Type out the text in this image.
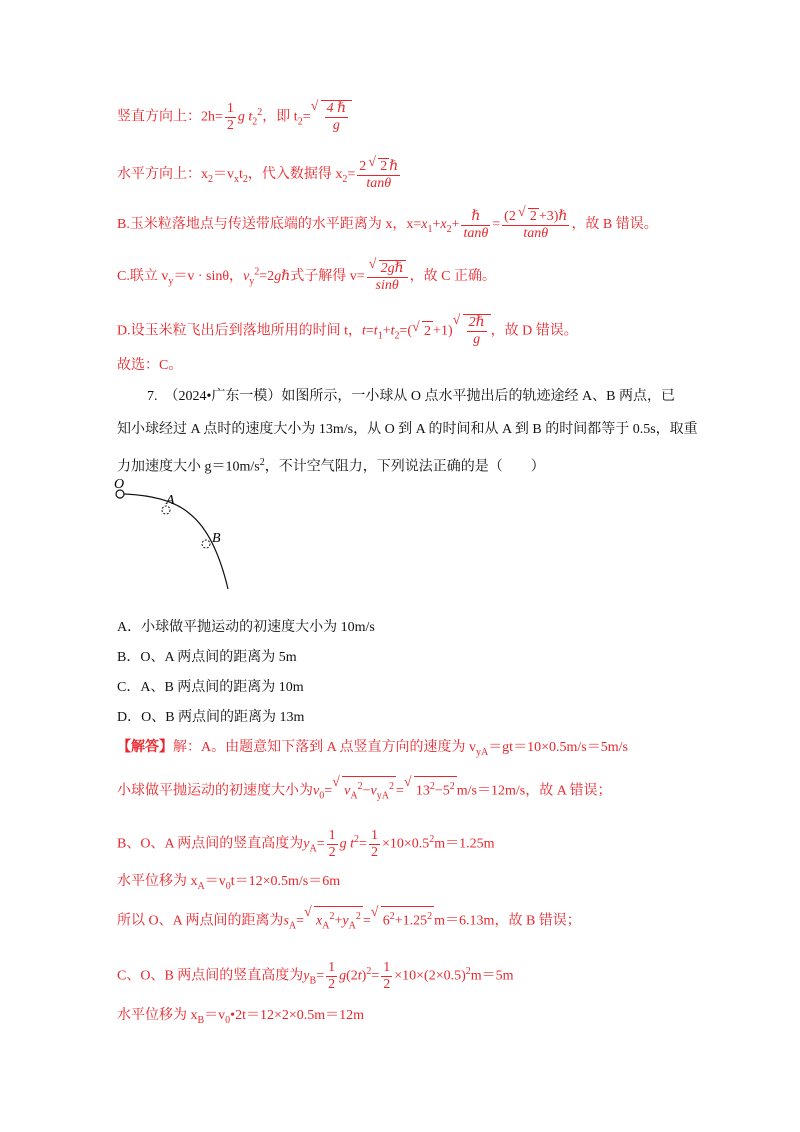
竖直方向上：$2h= \frac{1}{2}$ g $t_2^2$，即 $t_2=$
√ $\frac{\text{4 ℏ}}{g}$
水平方向上：$x_2=v_xt_2$，代入数据得 $x_2= \frac{\text{2√ 2 ℏ}}{\tan\theta}$
B.玉米粒落地点与传送带底端的水平距离为 x，$x=x_1+x_2+ \frac{\text{ℏ}}{\tan\theta} = \frac{\text{(2√ 2 +3)ℏ}}{\tan\theta}$ ，故 B 错误。
C.联立 $v_y=v \cdot \sin\theta$，$v_y^2=2g\hbar$式子解得 v=
√ $\frac{\text{2gℏ}}{\sin\theta}$ ，故 C 正确。
D.设玉米粒飞出后到落地所用的时间 t，$t=t_1+t_2=(√$ 2 +1)
√ $\frac{\text{2ℏ}}{g}$ ，故 D 错误。
故选：C。
7.　 （2024•广东一模）如图所示，一小球从 O 点水平抛出后的轨迹途经 A、B 两点，已
知小球经过 A 点时的速度大小为 13m/s，从 O 到 A 的时间和从 A 到 B 的时间都等于 0.5s，取重
力加速度大小 $g=10m/s^2$，不计空气阻力，下列说法正确的是（　　）
O
A
B
A．小球做平抛运动的初速度大小为 10m/s
B．O、A 两点间的距离为 5m
C．A、B 两点间的距离为 10m
D．O、B 两点间的距离为 13m
【解答】解：A。由题意知下落到 A 点竖直方向的速度为 $v_{yA}=gt=10\times 0.5m/s=5m/s$
小球做平抛运动的初速度大小为$v_0=√$ $v_A^2-v_{yA}^2$ =√ $13^2-5^2$ m/s＝12m/s，故 A 错误；
B、O、A 两点间的竖直高度为$y_A= \frac{1}{2}$ g $t^2= \frac{1}{2} \times 10\times 0.5^2m=1.25m$
水平位移为 $x_A=v_0t=12\times 0.5m/s=6m$
所以 O、A 两点间的距离为$s_A=√$ $x_A^2+y_A^2$ =√ $6^2+1.25^2$ m＝6.13m，故 B 错误；
C、O、B 两点间的竖直高度为$y_B= \frac{1}{2} g(2t)^2= \frac{1}{2} \times 10\times(2\times 0.5)^2m=5m$
水平位移为 $x_B=v_0•2t=12\times 2\times 0.5m=12m$
